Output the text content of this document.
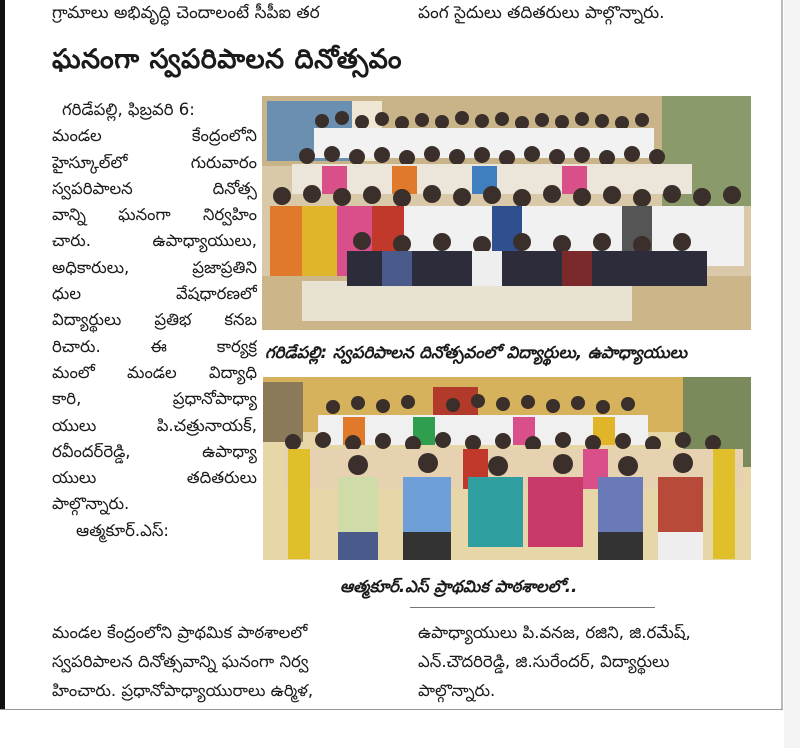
గ్రామాలు అభివృద్ధి చెందాలంటే సీపీఐ తర	పంగ సైదులు తదితరులు పాల్గొన్నారు.
ఘనంగా స్వపరిపాలన దినోత్సవం
గరిడేపల్లి, ఫిబ్రవరి 6:
మండల కేంద్రంలోని
హైస్కూల్‌లో గురువారం
స్వపరిపాలన దినోత్స
వాన్ని ఘనంగా నిర్వహిం
చారు. ఉపాధ్యాయులు,
అధికారులు, ప్రజాప్రతిని
ధుల వేషధారణలో
విద్యార్థులు ప్రతిభ కనబ
రిచారు. ఈ కార్యక్ర
మంలో మండల విద్యాధి
కారి, ప్రధానోపాధ్యా
యులు పి.చత్రునాయక్‌,
రవీందర్‌రెడ్డి, ఉపాధ్యా
యులు తదితరులు
పాల్గొన్నారు.
ఆత్మకూర్‌.ఎస్‌:
గరిడేపల్లి: స్వపరిపాలన దినోత్సవంలో విద్యార్థులు, ఉపాధ్యాయులు
ఆత్మకూర్‌.ఎస్‌ ప్రాథమిక పాఠశాలలో..
మండల కేంద్రంలోని ప్రాథమిక పాఠశాలలో
స్వపరిపాలన దినోత్సవాన్ని ఘనంగా నిర్వ
హించారు. ప్రధానోపాధ్యాయురాలు ఉర్మిళ,
ఉపాధ్యాయులు పి.వనజ, రజిని, జి.రమేష్‌,
ఎన్‌.చౌదరిరెడ్డి, జి.సురేందర్‌, విద్యార్థులు
పాల్గొన్నారు.
